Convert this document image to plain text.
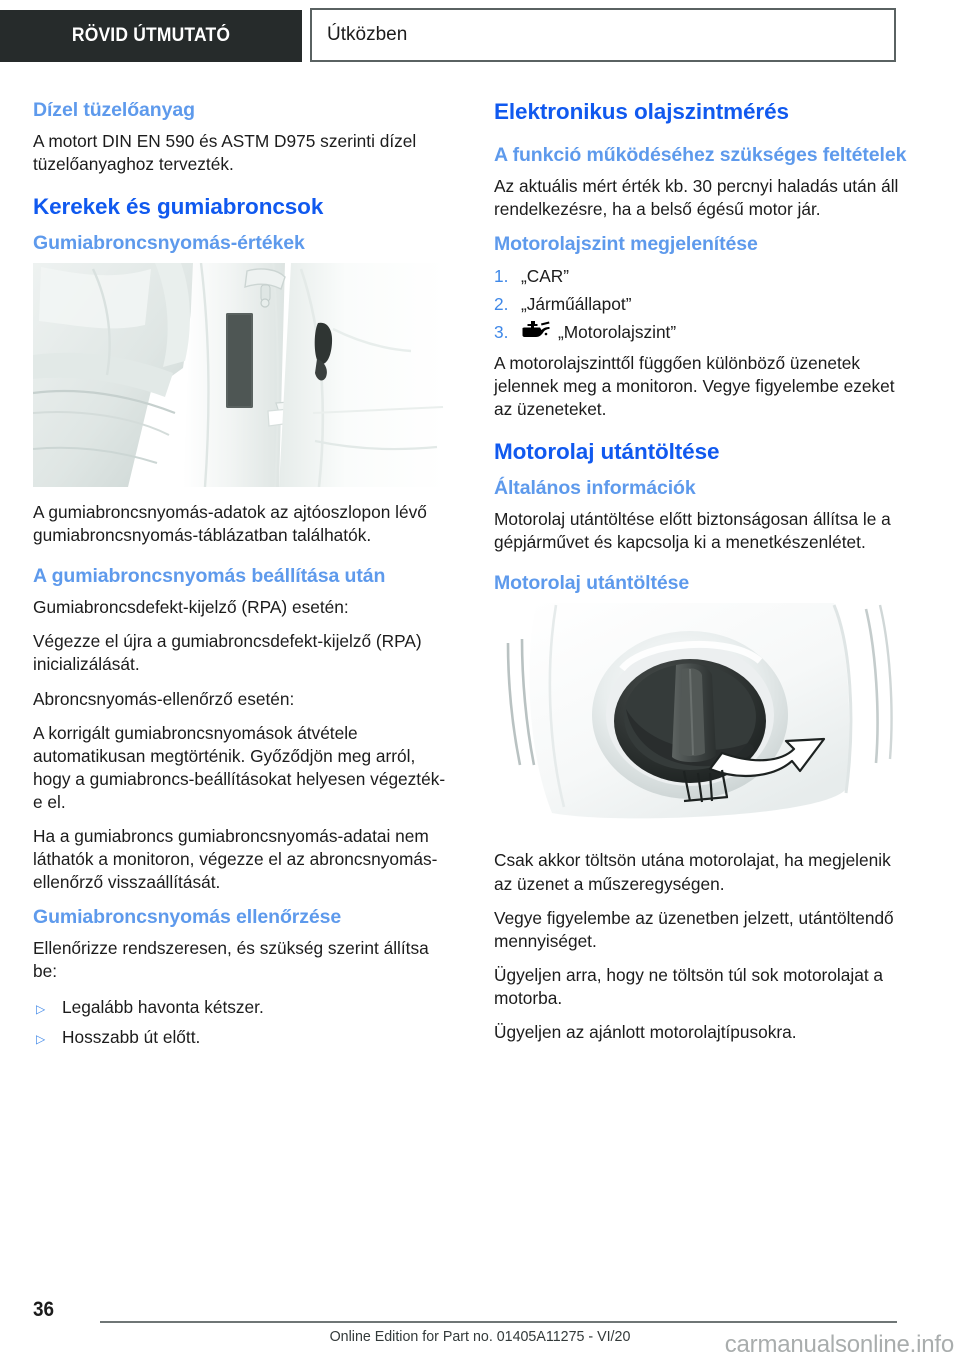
RÖVID ÚTMUTATÓ	Útközben
Dízel tüzelőanyag

A motort DIN EN 590 és ASTM D975 szerinti dízel tüzelőanyaghoz tervezték.

Kerekek és gumiabroncsok
Gumiabroncsnyomás-értékek

A gumiabroncsnyomás-adatok az ajtóoszlopon lévő gumiabroncsnyomás-táblázatban találhatók.

A gumiabroncsnyomás beállítása után

Gumiabroncsdefekt-kijelző (RPA) esetén:

Végezze el újra a gumiabroncsdefekt-kijelző (RPA) inicializálását.

Abroncsnyomás-ellenőrző esetén:

A korrigált gumiabroncsnyomások átvétele automatikusan megtörténik. Győződjön meg arról, hogy a gumiabroncs-beállításokat helyesen végezték-e el.

Ha a gumiabroncs gumiabroncsnyomás-adatai nem láthatók a monitoron, végezze el az abroncsnyomás-ellenőrző visszaállítását.

Gumiabroncsnyomás ellenőrzése

Ellenőrizze rendszeresen, és szükség szerint állítsa be:

▷ Legalább havonta kétszer.
▷ Hosszabb út előtt.
Elektronikus olajszintmérés
A funkció működéséhez szükséges feltételek

Az aktuális mért érték kb. 30 percnyi haladás után áll rendelkezésre, ha a belső égésű motor jár.

Motorolajszint megjelenítése
1. „CAR”
2. „Járműállapot”
3.	„Motorolajszint”

A motorolajszinttől függően különböző üzenetek jelennek meg a monitoron. Vegye figyelembe ezeket az üzeneteket.

Motorolaj utántöltése
Általános információk

Motorolaj utántöltése előtt biztonságosan állítsa le a gépjárművet és kapcsolja ki a menetkészenlétet.

Motorolaj utántöltése

Csak akkor töltsön utána motorolajat, ha megjelenik az üzenet a műszeregységen.

Vegye figyelembe az üzenetben jelzett, utántöltendő mennyiséget.

Ügyeljen arra, hogy ne töltsön túl sok motorolajat a motorba.

Ügyeljen az ajánlott motorolajtípusokra.

36
Online Edition for Part no. 01405A11275 - VI/20	carmanualsonline.info
